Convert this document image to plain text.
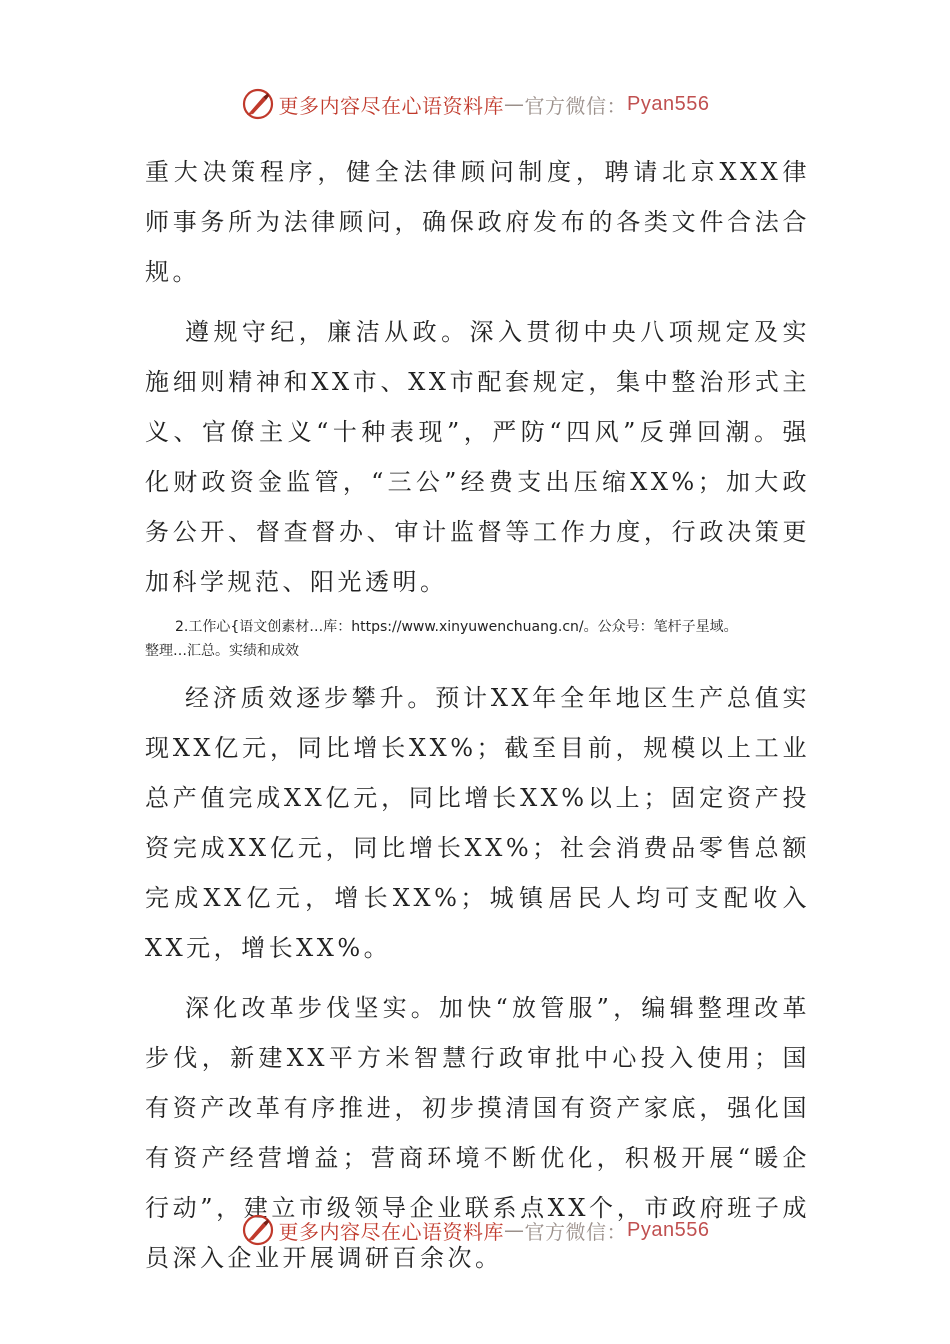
更多内容尽在心语资料库 — 官方微信： Pyan556

重大决策程序，健全法律顾问制度，聘请北京XXX律师事务所为法律顾问，确保政府发布的各类文件合法合规。

遵规守纪，廉洁从政。深入贯彻中央八项规定及实施细则精神和XX市、XX市配套规定，集中整治形式主义、官僚主义“十种表现”，严防“四风”反弹回潮。强化财政资金监管，“三公”经费支出压缩XX%；加大政务公开、督查督办、审计监督等工作力度，行政决策更加科学规范、阳光透明。

2.工作心{语文创素材…库：https://www.xinyuwenchuang.cn/。公众号：笔杆子星域。
整理…汇总。实绩和成效

经济质效逐步攀升。预计XX年全年地区生产总值实现XX亿元，同比增长XX%；截至目前，规模以上工业总产值完成XX亿元，同比增长XX%以上；固定资产投资完成XX亿元，同比增长XX%；社会消费品零售总额完成XX亿元，增长XX%；城镇居民人均可支配收入XX元，增长XX%。

深化改革步伐坚实。加快“放管服”，编辑整理改革步伐，新建XX平方米智慧行政审批中心投入使用；国有资产改革有序推进，初步摸清国有资产家底，强化国有资产经营增益；营商环境不断优化，积极开展“暖企行动”，建立市级领导企业联系点XX个，市政府班子成员深入企业开展调研百余次。

更多内容尽在心语资料库 — 官方微信： Pyan556
